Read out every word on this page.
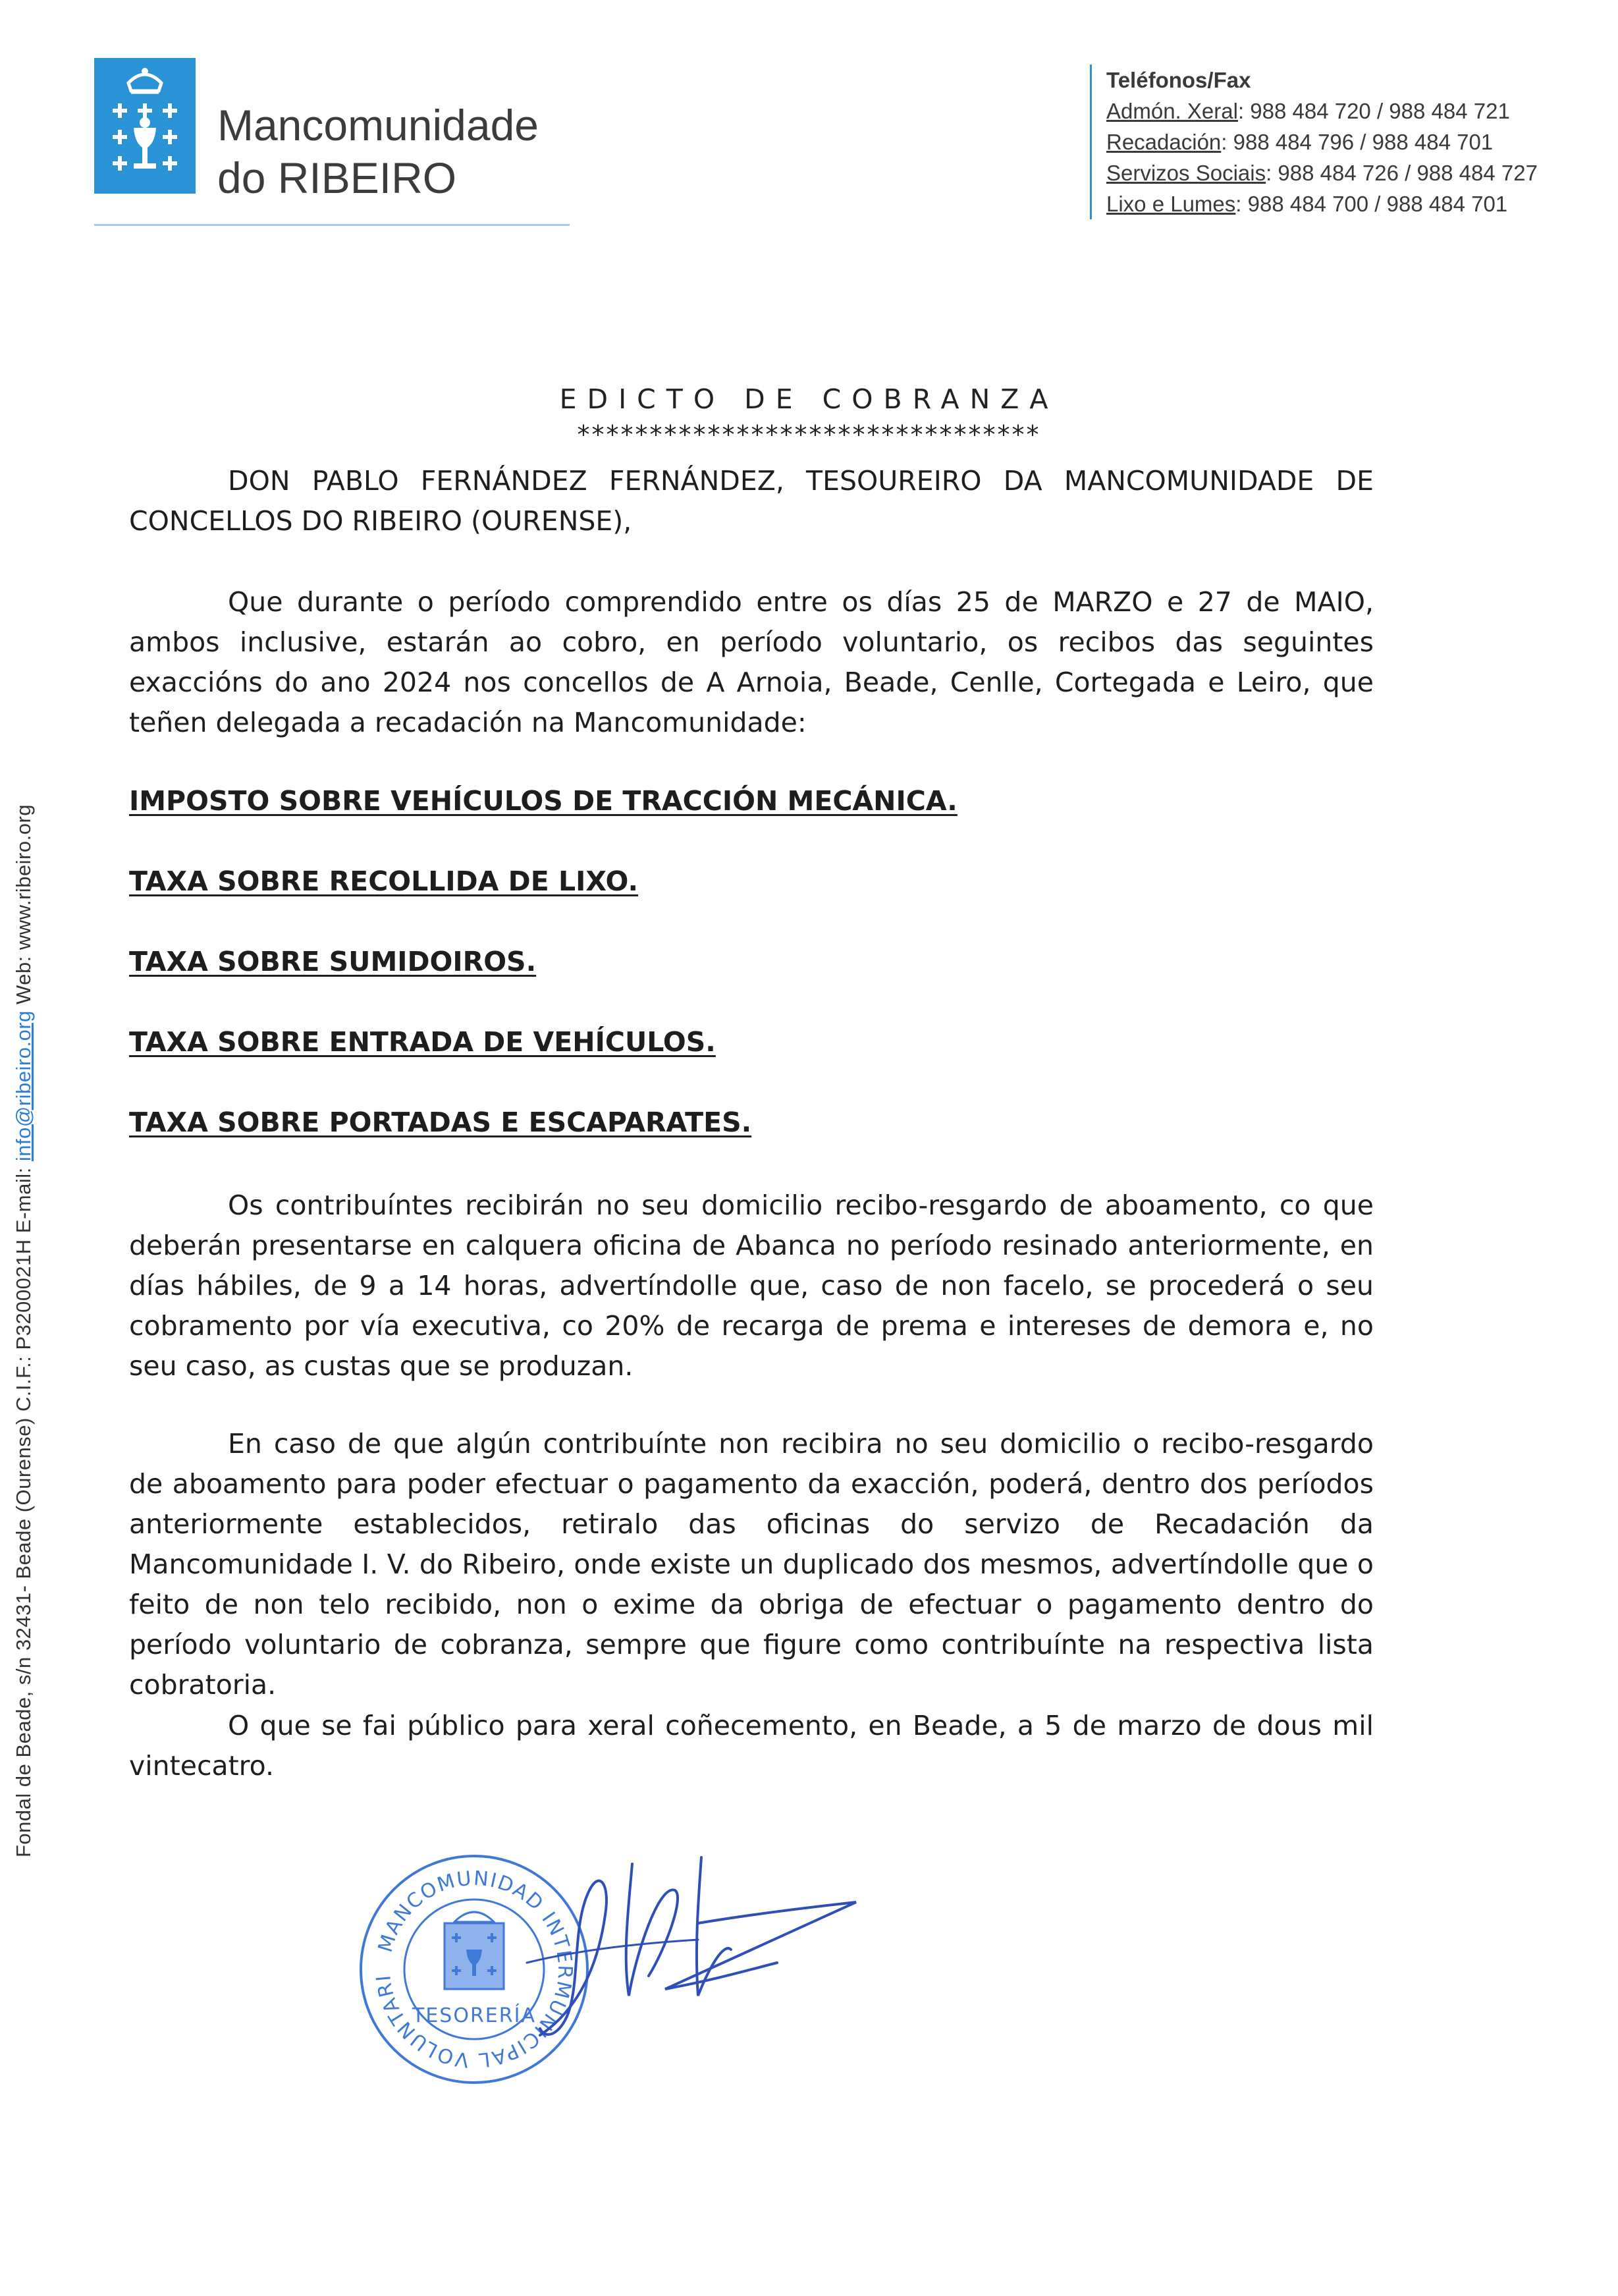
Mancomunidade
do RIBEIRO
Teléfonos/Fax
Admón. Xeral: 988 484 720 / 988 484 721
Recadación: 988 484 796 / 988 484 701
Servizos Sociais: 988 484 726 / 988 484 727
Lixo e Lumes: 988 484 700 / 988 484 701
Fondal de Beade, s/n 32431- Beade (Ourense) C.I.F.: P3200021H E-mail: info@ribeiro.org Web: www.ribeiro.org
EDICTO DE COBRANZA
********************************
DON PABLO FERNÁNDEZ FERNÁNDEZ, TESOUREIRO DA MANCOMUNIDADE DE CONCELLOS DO RIBEIRO (OURENSE),
Que durante o período comprendido entre os días 25 de MARZO e 27 de MAIO, ambos inclusive, estarán ao cobro, en período voluntario, os recibos das seguintes exaccións do ano 2024 nos concellos de A Arnoia, Beade, Cenlle, Cortegada e Leiro, que teñen delegada a recadación na Mancomunidade:
IMPOSTO SOBRE VEHÍCULOS DE TRACCIÓN MECÁNICA.
TAXA SOBRE RECOLLIDA DE LIXO.
TAXA SOBRE SUMIDOIROS.
TAXA SOBRE ENTRADA DE VEHÍCULOS.
TAXA SOBRE PORTADAS E ESCAPARATES.
Os contribuíntes recibirán no seu domicilio recibo-resgardo de aboamento, co que deberán presentarse en calquera oficina de Abanca no período resinado anteriormente, en días hábiles, de 9 a 14 horas, advertíndolle que, caso de non facelo, se procederá o seu cobramento por vía executiva, co 20% de recarga de prema e intereses de demora e, no seu caso, as custas que se produzan.
En caso de que algún contribuínte non recibira no seu domicilio o recibo-resgardo de aboamento para poder efectuar o pagamento da exacción, poderá, dentro dos períodos anteriormente establecidos, retiralo das oficinas do servizo de Recadación da Mancomunidade I. V. do Ribeiro, onde existe un duplicado dos mesmos, advertíndolle que o feito de non telo recibido, non o exime da obriga de efectuar o pagamento dentro do período voluntario de cobranza, sempre que figure como contribuínte na respectiva lista cobratoria.
O que se fai público para xeral coñecemento, en Beade, a 5 de marzo de dous mil vintecatro.
MANCOMUNIDAD INTERMUNICIPAL VOLUNTARI
TESORERÍA
